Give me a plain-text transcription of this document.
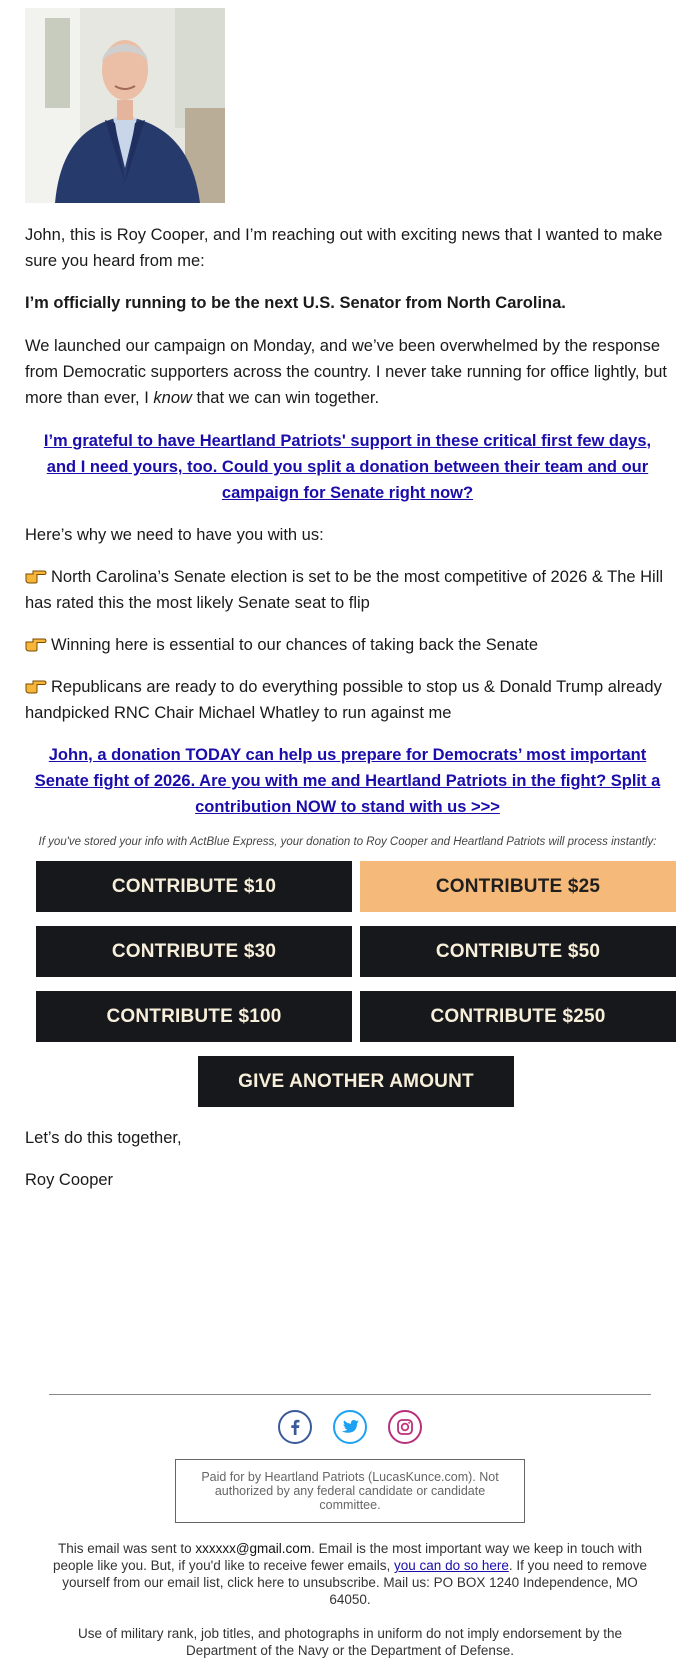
John, this is Roy Cooper, and I’m reaching out with exciting news that I wanted to make sure you heard from me:

I’m officially running to be the next U.S. Senator from North Carolina.

We launched our campaign on Monday, and we’ve been overwhelmed by the response from Democratic supporters across the country. I never take running for office lightly, but more than ever, I know that we can win together.

I’m grateful to have Heartland Patriots' support in these critical first few days, and I need yours, too. Could you split a donation between their team and our campaign for Senate right now?

Here’s why we need to have you with us:

North Carolina’s Senate election is set to be the most competitive of 2026 & The Hill has rated this the most likely Senate seat to flip

Winning here is essential to our chances of taking back the Senate

Republicans are ready to do everything possible to stop us & Donald Trump already handpicked RNC Chair Michael Whatley to run against me

John, a donation TODAY can help us prepare for Democrats’ most important Senate fight of 2026. Are you with me and Heartland Patriots in the fight? Split a contribution NOW to stand with us >>>
If you've stored your info with ActBlue Express, your donation to Roy Cooper and Heartland Patriots will process instantly:
CONTRIBUTE $10	CONTRIBUTE $25
CONTRIBUTE $30	CONTRIBUTE $50
CONTRIBUTE $100	CONTRIBUTE $250
GIVE ANOTHER AMOUNT

Let’s do this together,

Roy Cooper

Paid for by Heartland Patriots (LucasKunce.com). Not authorized by any federal candidate or candidate committee.
This email was sent to xxxxxx@gmail.com. Email is the most important way we keep in touch with people like you. But, if you'd like to receive fewer emails, you can do so here. If you need to remove yourself from our email list, click here to unsubscribe. Mail us: PO BOX 1240 Independence, MO 64050.
Use of military rank, job titles, and photographs in uniform do not imply endorsement by the Department of the Navy or the Department of Defense.
